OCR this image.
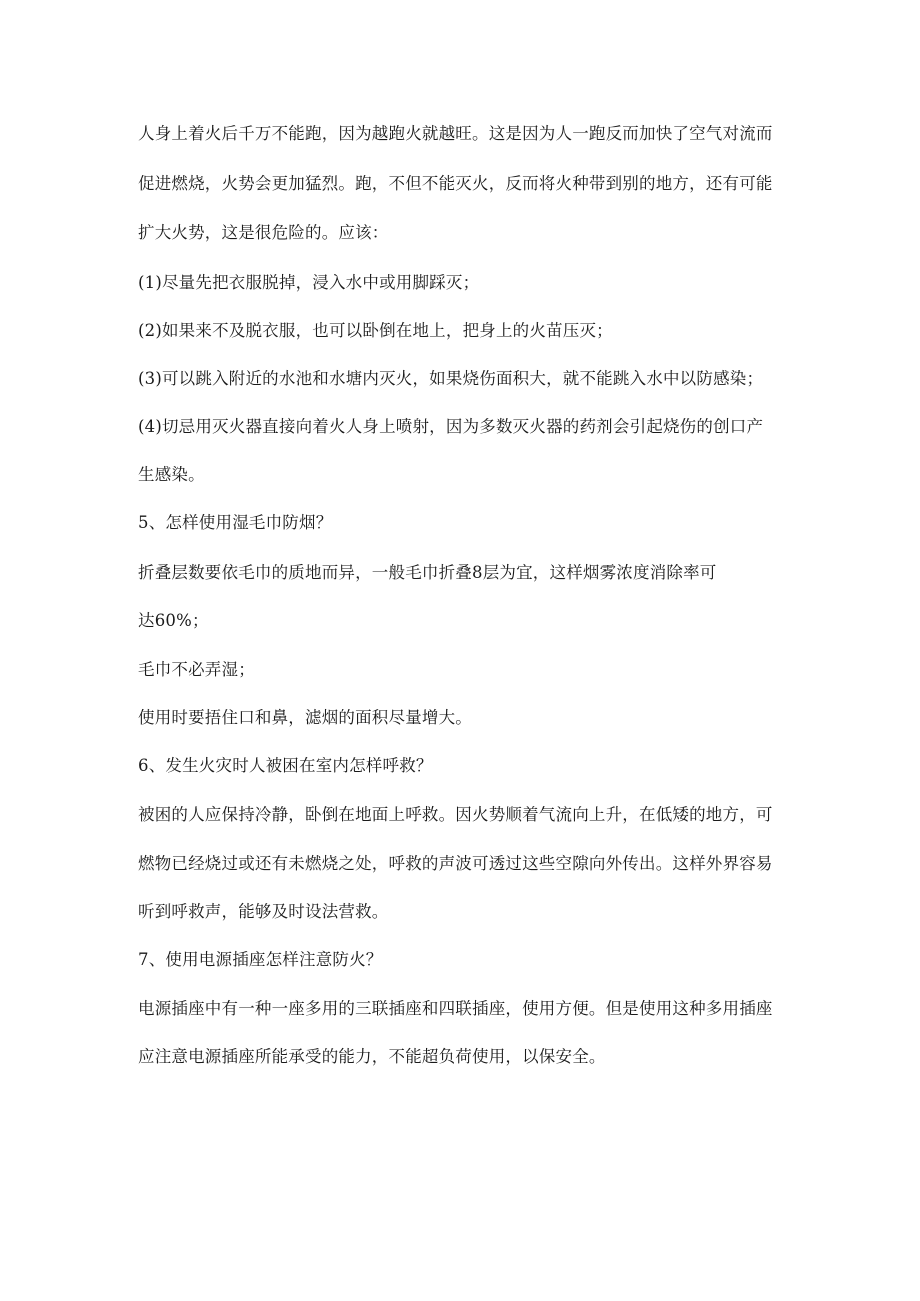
人身上着火后千万不能跑，因为越跑火就越旺。这是因为人一跑反而加快了空气对流而
促进燃烧，火势会更加猛烈。跑，不但不能灭火，反而将火种带到别的地方，还有可能
扩大火势，这是很危险的。应该：
(1)尽量先把衣服脱掉，浸入水中或用脚踩灭；
(2)如果来不及脱衣服，也可以卧倒在地上，把身上的火苗压灭；
(3)可以跳入附近的水池和水塘内灭火，如果烧伤面积大，就不能跳入水中以防感染；
(4)切忌用灭火器直接向着火人身上喷射，因为多数灭火器的药剂会引起烧伤的创口产
生感染。
5、怎样使用湿毛巾防烟？
折叠层数要依毛巾的质地而异，一般毛巾折叠8层为宜，这样烟雾浓度消除率可
达60%；
毛巾不必弄湿；
使用时要捂住口和鼻，滤烟的面积尽量增大。
6、发生火灾时人被困在室内怎样呼救？
被困的人应保持冷静，卧倒在地面上呼救。因火势顺着气流向上升，在低矮的地方，可
燃物已经烧过或还有未燃烧之处，呼救的声波可透过这些空隙向外传出。这样外界容易
听到呼救声，能够及时设法营救。
7、使用电源插座怎样注意防火？
电源插座中有一种一座多用的三联插座和四联插座，使用方便。但是使用这种多用插座
应注意电源插座所能承受的能力，不能超负荷使用，以保安全。
